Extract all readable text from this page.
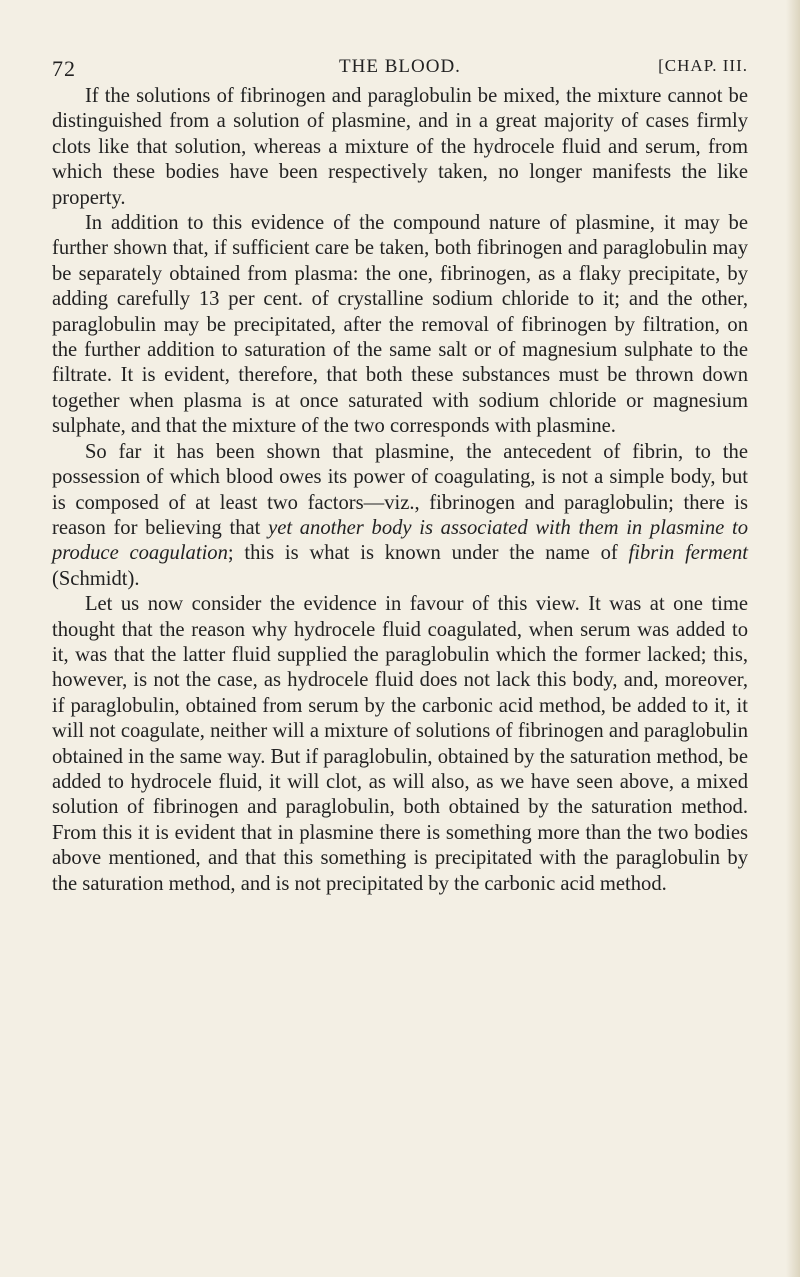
72	THE BLOOD.	[CHAP. III.

If the solutions of fibrinogen and paraglobulin be mixed, the mixture cannot be distinguished from a solution of plasmine, and in a great majority of cases firmly clots like that solution, whereas a mixture of the hydrocele fluid and serum, from which these bodies have been respectively taken, no longer manifests the like property.

In addition to this evidence of the compound nature of plasmine, it may be further shown that, if sufficient care be taken, both fibrinogen and paraglobulin may be separately obtained from plasma: the one, fibrinogen, as a flaky precipitate, by adding carefully 13 per cent. of crystalline sodium chloride to it; and the other, paraglobulin may be precipitated, after the removal of fibrinogen by filtration, on the further addition to saturation of the same salt or of magnesium sulphate to the filtrate. It is evident, therefore, that both these substances must be thrown down together when plasma is at once saturated with sodium chloride or magnesium sulphate, and that the mixture of the two corresponds with plasmine.

So far it has been shown that plasmine, the antecedent of fibrin, to the possession of which blood owes its power of coagulating, is not a simple body, but is composed of at least two factors—viz., fibrinogen and paraglobulin; there is reason for believing that yet another body is associated with them in plasmine to produce coagulation; this is what is known under the name of fibrin ferment (Schmidt).

Let us now consider the evidence in favour of this view. It was at one time thought that the reason why hydrocele fluid coagulated, when serum was added to it, was that the latter fluid supplied the paraglobulin which the former lacked; this, however, is not the case, as hydrocele fluid does not lack this body, and, moreover, if paraglobulin, obtained from serum by the carbonic acid method, be added to it, it will not coagulate, neither will a mixture of solutions of fibrinogen and paraglobulin obtained in the same way. But if paraglobulin, obtained by the saturation method, be added to hydrocele fluid, it will clot, as will also, as we have seen above, a mixed solution of fibrinogen and paraglobulin, both obtained by the saturation method. From this it is evident that in plasmine there is something more than the two bodies above mentioned, and that this something is precipitated with the paraglobulin by the saturation method, and is not precipitated by the carbonic acid method.
